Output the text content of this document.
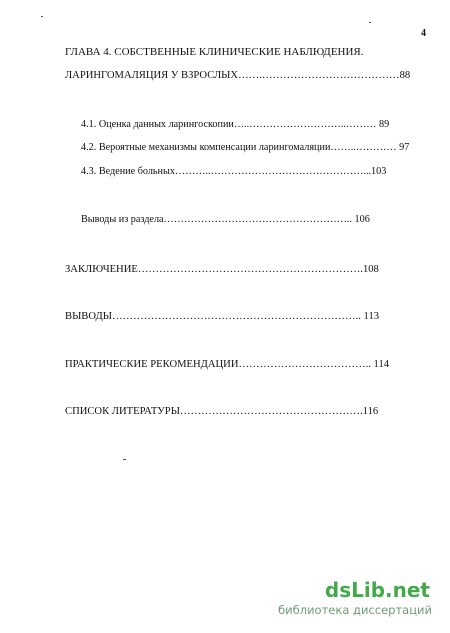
4
ГЛАВА 4. СОБСТВЕННЫЕ КЛИНИЧЕСКИЕ НАБЛЮДЕНИЯ.
ЛАРИНГОМАЛЯЦИЯ У ВЗРОСЛЫХ…….…………………………………88
4.1. Оценка данных ларингоскопии…..………………………..……… 89
4.2. Вероятные механизмы компенсации ларингомаляции……..………… 97
4.3. Ведение больных………..………………………………………...103
Выводы из раздела……………………………………………….. 106
ЗАКЛЮЧЕНИЕ……………………………………………………….108
ВЫВОДЫ…………………………………………………………….. 113
ПРАКТИЧЕСКИЕ РЕКОМЕНДАЦИИ……………………………….. 114
СПИСОК ЛИТЕРАТУРЫ…………………………………………….116
dsLib.net
библиотека диссертаций
